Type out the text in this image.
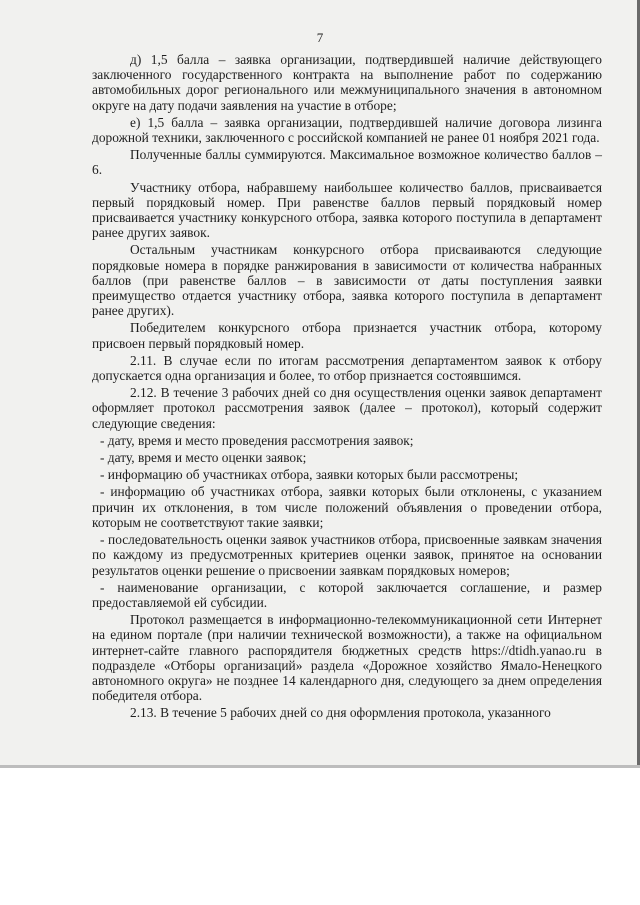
7

д) 1,5 балла – заявка организации, подтвердившей наличие действующего заключенного государственного контракта на выполнение работ по содержанию автомобильных дорог регионального или межмуниципального значения в автономном округе на дату подачи заявления на участие в отборе;

е) 1,5 балла – заявка организации, подтвердившей наличие договора лизинга дорожной техники, заключенного с российской компанией не ранее 01 ноября 2021 года.

Полученные баллы суммируются. Максимальное возможное количество баллов – 6.

Участнику отбора, набравшему наибольшее количество баллов, присваивается первый порядковый номер. При равенстве баллов первый порядковый номер присваивается участнику конкурсного отбора, заявка которого поступила в департамент ранее других заявок.

Остальным участникам конкурсного отбора присваиваются следующие порядковые номера в порядке ранжирования в зависимости от количества набранных баллов (при равенстве баллов – в зависимости от даты поступления заявки преимущество отдается участнику отбора, заявка которого поступила в департамент ранее других).

Победителем конкурсного отбора признается участник отбора, которому присвоен первый порядковый номер.

2.11. В случае если по итогам рассмотрения департаментом заявок к отбору допускается одна организация и более, то отбор признается состоявшимся.

2.12. В течение 3 рабочих дней со дня осуществления оценки заявок департамент оформляет протокол рассмотрения заявок (далее – протокол), который содержит следующие сведения:

- дату, время и место проведения рассмотрения заявок;

- дату, время и место оценки заявок;

- информацию об участниках отбора, заявки которых были рассмотрены;

- информацию об участниках отбора, заявки которых были отклонены, с указанием причин их отклонения, в том числе положений объявления о проведении отбора, которым не соответствуют такие заявки;

- последовательность оценки заявок участников отбора, присвоенные заявкам значения по каждому из предусмотренных критериев оценки заявок, принятое на основании результатов оценки решение о присвоении заявкам порядковых номеров;

- наименование организации, с которой заключается соглашение, и размер предоставляемой ей субсидии.

Протокол размещается в информационно-телекоммуникационной сети Интернет на едином портале (при наличии технической возможности), а также на официальном интернет-сайте главного распорядителя бюджетных средств https://dtidh.yanao.ru в подразделе «Отборы организаций» раздела «Дорожное хозяйство Ямало-Ненецкого автономного округа» не позднее 14 календарного дня, следующего за днем определения победителя отбора.

2.13. В течение 5 рабочих дней со дня оформления протокола, указанного
